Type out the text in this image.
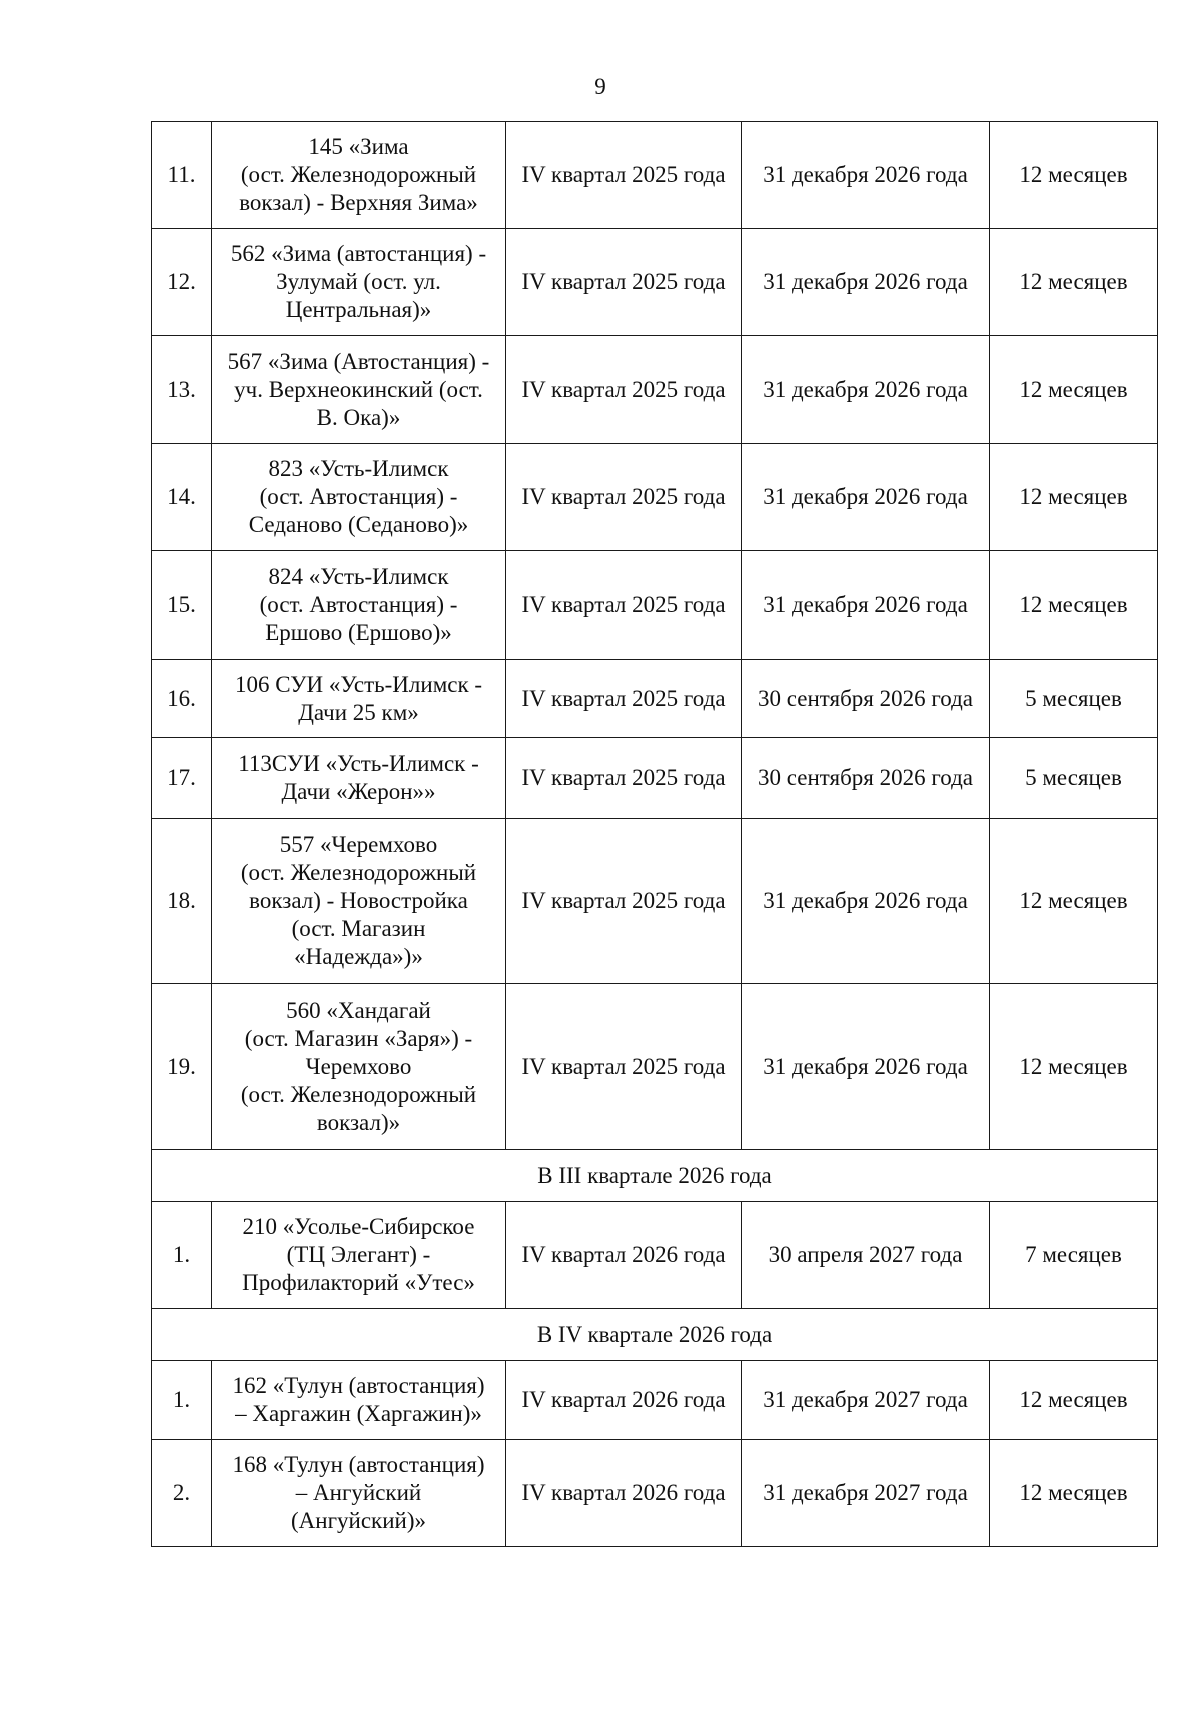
9
11.	145 «Зима
(ост. Железнодорожный
вокзал) - Верхняя Зима»	IV квартал 2025 года	31 декабря 2026 года	12 месяцев
12.	562 «Зима (автостанция) -
Зулумай (ост. ул.
Центральная)»	IV квартал 2025 года	31 декабря 2026 года	12 месяцев
13.	567 «Зима (Автостанция) -
уч. Верхнеокинский (ост.
В. Ока)»	IV квартал 2025 года	31 декабря 2026 года	12 месяцев
14.	823 «Усть-Илимск
(ост. Автостанция) -
Седаново (Седаново)»	IV квартал 2025 года	31 декабря 2026 года	12 месяцев
15.	824 «Усть-Илимск
(ост. Автостанция) -
Ершово (Ершово)»	IV квартал 2025 года	31 декабря 2026 года	12 месяцев
16.	106 СУИ «Усть-Илимск -
Дачи 25 км»	IV квартал 2025 года	30 сентября 2026 года	5 месяцев
17.	113СУИ «Усть-Илимск -
Дачи «Жерон»»	IV квартал 2025 года	30 сентября 2026 года	5 месяцев
18.	557 «Черемхово
(ост. Железнодорожный
вокзал) - Новостройка
(ост. Магазин
«Надежда»)»	IV квартал 2025 года	31 декабря 2026 года	12 месяцев
19.	560 «Хандагай
(ост. Магазин «Заря») -
Черемхово
(ост. Железнодорожный
вокзал)»	IV квартал 2025 года	31 декабря 2026 года	12 месяцев
В III квартале 2026 года				
1.	210 «Усолье-Сибирское
(ТЦ Элегант) -
Профилакторий «Утес»	IV квартал 2026 года	30 апреля 2027 года	7 месяцев
В IV квартале 2026 года				
1.	162 «Тулун (автостанция)
– Харгажин (Харгажин)»	IV квартал 2026 года	31 декабря 2027 года	12 месяцев
2.	168 «Тулун (автостанция)
– Ангуйский
(Ангуйский)»	IV квартал 2026 года	31 декабря 2027 года	12 месяцев
